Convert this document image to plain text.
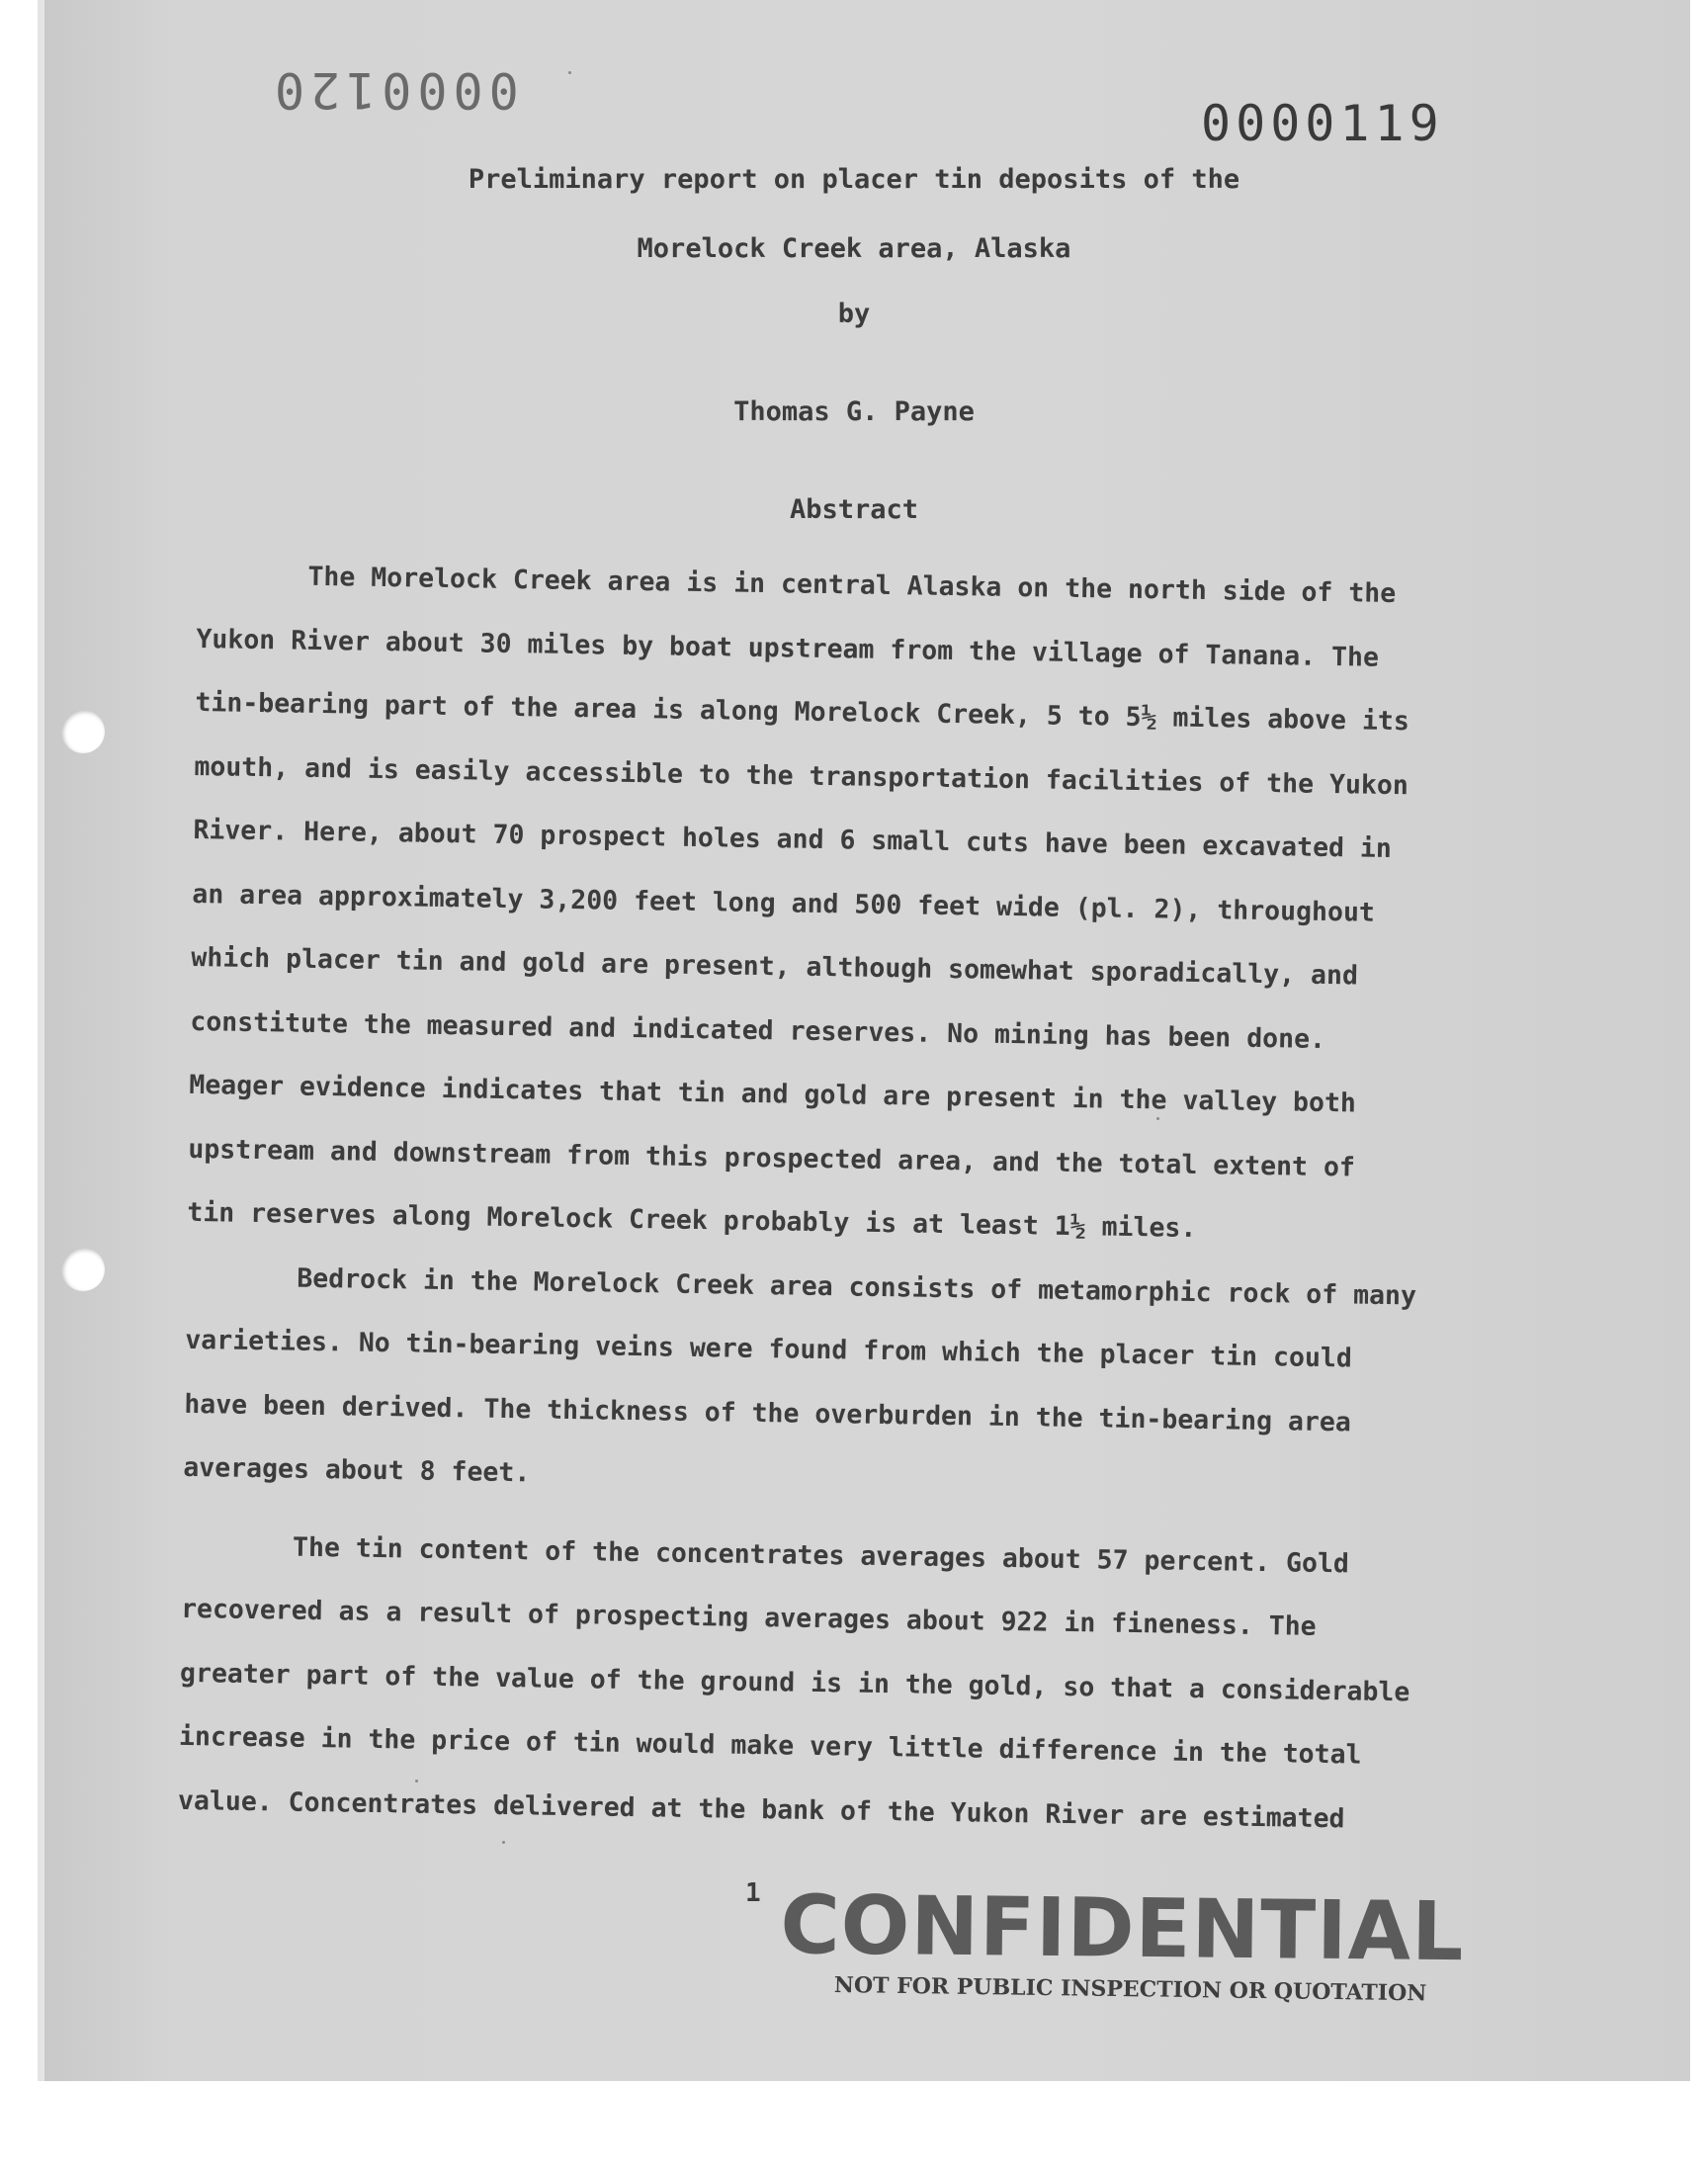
0000120
0000119

Preliminary report on placer tin deposits of the

Morelock Creek area, Alaska

by

Thomas G. Payne

Abstract

The Morelock Creek area is in central Alaska on the north side of the
Yukon River about 30 miles by boat upstream from the village of Tanana. The
tin-bearing part of the area is along Morelock Creek, 5 to 5½ miles above its
mouth, and is easily accessible to the transportation facilities of the Yukon
River. Here, about 70 prospect holes and 6 small cuts have been excavated in
an area approximately 3,200 feet long and 500 feet wide (pl. 2), throughout
which placer tin and gold are present, although somewhat sporadically, and
constitute the measured and indicated reserves. No mining has been done.
Meager evidence indicates that tin and gold are present in the valley both
upstream and downstream from this prospected area, and the total extent of
tin reserves along Morelock Creek probably is at least 1½ miles.
Bedrock in the Morelock Creek area consists of metamorphic rock of many
varieties. No tin-bearing veins were found from which the placer tin could
have been derived. The thickness of the overburden in the tin-bearing area
averages about 8 feet.
The tin content of the concentrates averages about 57 percent. Gold
recovered as a result of prospecting averages about 922 in fineness. The
greater part of the value of the ground is in the gold, so that a considerable
increase in the price of tin would make very little difference in the total
value. Concentrates delivered at the bank of the Yukon River are estimated
1 CONFIDENTIAL
NOT FOR PUBLIC INSPECTION OR QUOTATION
